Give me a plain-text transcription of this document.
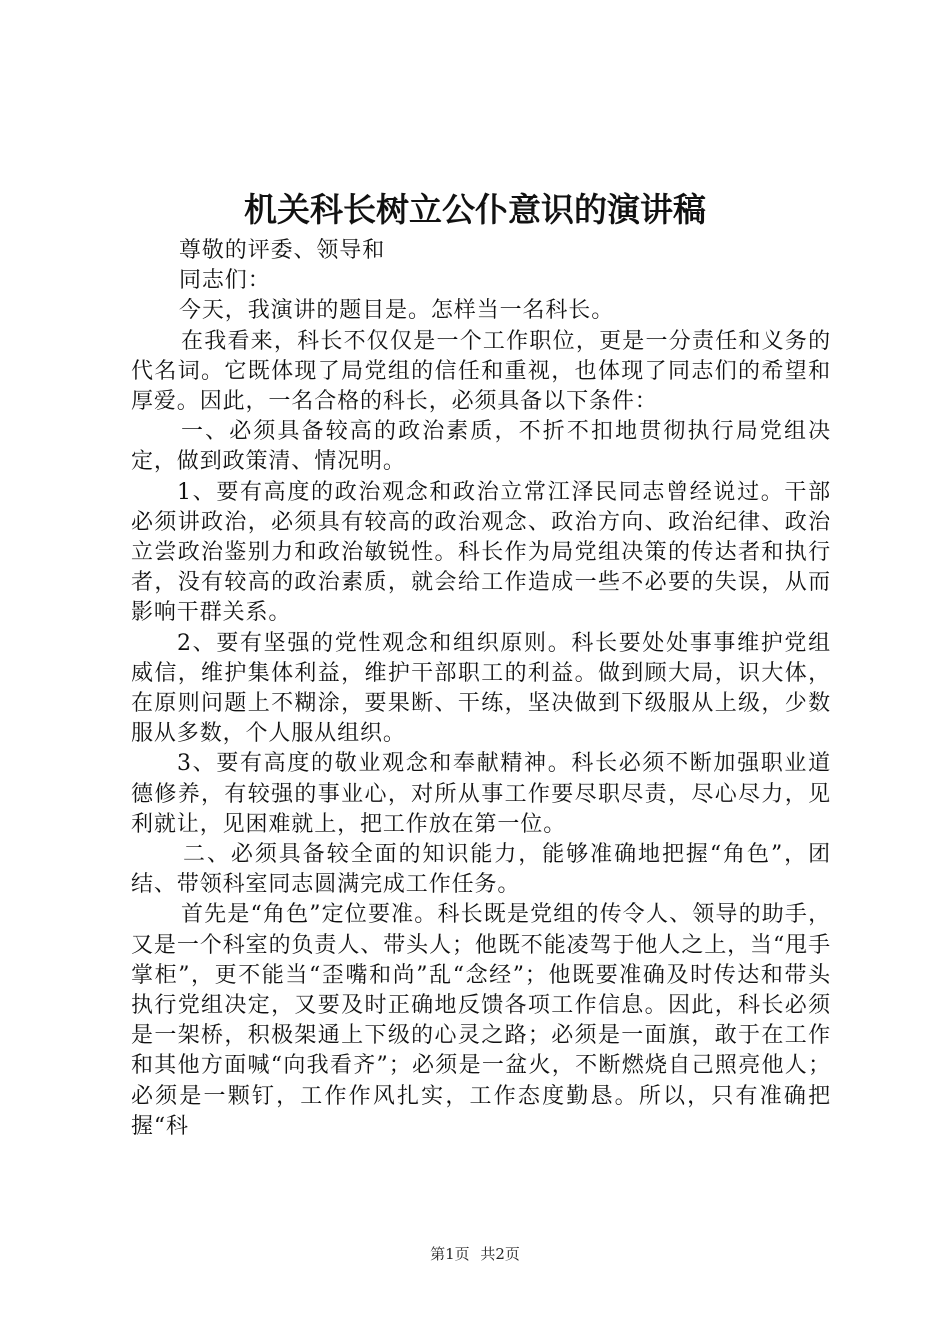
机关科长树立公仆意识的演讲稿

尊敬的评委、领导和

同志们：

今天，我演讲的题目是。怎样当一名科长。

在我看来，科长不仅仅是一个工作职位，更是一分责任和义务的代名词。它既体现了局党组的信任和重视，也体现了同志们的希望和厚爱。因此，一名合格的科长，必须具备以下条件：

一、必须具备较高的政治素质，不折不扣地贯彻执行局党组决定，做到政策清、情况明。

1、要有高度的政治观念和政治立常江泽民同志曾经说过。干部必须讲政治，必须具有较高的政治观念、政治方向、政治纪律、政治立尝政治鉴别力和政治敏锐性。科长作为局党组决策的传达者和执行者，没有较高的政治素质，就会给工作造成一些不必要的失误，从而影响干群关系。

2、要有坚强的党性观念和组织原则。科长要处处事事维护党组威信，维护集体利益，维护干部职工的利益。做到顾大局，识大体，在原则问题上不糊涂，要果断、干练，坚决做到下级服从上级，少数服从多数，个人服从组织。

3、要有高度的敬业观念和奉献精神。科长必须不断加强职业道德修养，有较强的事业心，对所从事工作要尽职尽责，尽心尽力，见利就让，见困难就上，把工作放在第一位。

二、必须具备较全面的知识能力，能够准确地把握“角色”，团结、带领科室同志圆满完成工作任务。

首先是“角色”定位要准。科长既是党组的传令人、领导的助手，又是一个科室的负责人、带头人；他既不能凌驾于他人之上，当“甩手掌柜”，更不能当“歪嘴和尚”乱“念经”；他既要准确及时传达和带头执行党组决定，又要及时正确地反馈各项工作信息。因此，科长必须是一架桥，积极架通上下级的心灵之路；必须是一面旗，敢于在工作和其他方面喊“向我看齐”；必须是一盆火，不断燃烧自己照亮他人；必须是一颗钉，工作作风扎实，工作态度勤恳。所以，只有准确把握“科

第1页 共2页
